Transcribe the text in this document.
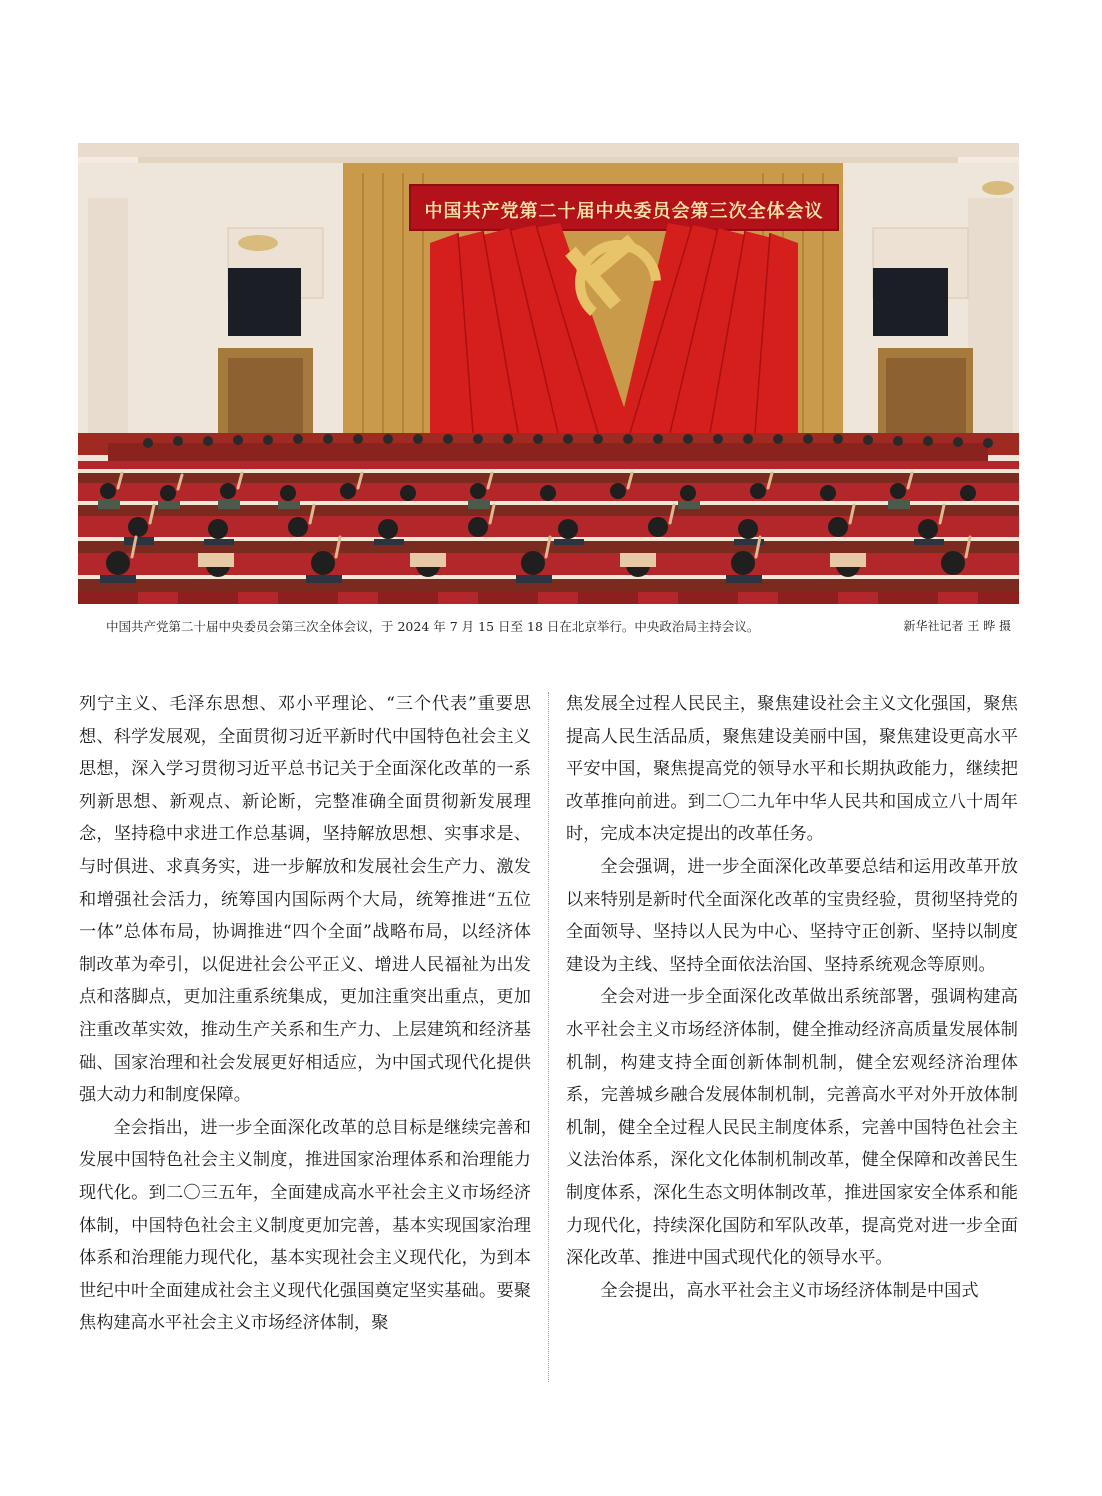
中国共产党第二十届中央委员会第三次全体会议
中国共产党第二十届中央委员会第三次全体会议，于 2024 年 7 月 15 日至 18 日在北京举行。中央政治局主持会议。	新华社记者 王 晔 摄

列宁主义、毛泽东思想、邓小平理论、“三个代表”重要思想、科学发展观，全面贯彻习近平新时代中国特色社会主义思想，深入学习贯彻习近平总书记关于全面深化改革的一系列新思想、新观点、新论断，完整准确全面贯彻新发展理念，坚持稳中求进工作总基调，坚持解放思想、实事求是、与时俱进、求真务实，进一步解放和发展社会生产力、激发和增强社会活力，统筹国内国际两个大局，统筹推进“五位一体”总体布局，协调推进“四个全面”战略布局，以经济体制改革为牵引，以促进社会公平正义、增进人民福祉为出发点和落脚点，更加注重系统集成，更加注重突出重点，更加注重改革实效，推动生产关系和生产力、上层建筑和经济基础、国家治理和社会发展更好相适应，为中国式现代化提供强大动力和制度保障。

全会指出，进一步全面深化改革的总目标是继续完善和发展中国特色社会主义制度，推进国家治理体系和治理能力现代化。到二〇三五年，全面建成高水平社会主义市场经济体制，中国特色社会主义制度更加完善，基本实现国家治理体系和治理能力现代化，基本实现社会主义现代化，为到本世纪中叶全面建成社会主义现代化强国奠定坚实基础。要聚焦构建高水平社会主义市场经济体制，聚

焦发展全过程人民民主，聚焦建设社会主义文化强国，聚焦提高人民生活品质，聚焦建设美丽中国，聚焦建设更高水平平安中国，聚焦提高党的领导水平和长期执政能力，继续把改革推向前进。到二〇二九年中华人民共和国成立八十周年时，完成本决定提出的改革任务。

全会强调，进一步全面深化改革要总结和运用改革开放以来特别是新时代全面深化改革的宝贵经验，贯彻坚持党的全面领导、坚持以人民为中心、坚持守正创新、坚持以制度建设为主线、坚持全面依法治国、坚持系统观念等原则。

全会对进一步全面深化改革做出系统部署，强调构建高水平社会主义市场经济体制，健全推动经济高质量发展体制机制，构建支持全面创新体制机制，健全宏观经济治理体系，完善城乡融合发展体制机制，完善高水平对外开放体制机制，健全全过程人民民主制度体系，完善中国特色社会主义法治体系，深化文化体制机制改革，健全保障和改善民生制度体系，深化生态文明体制改革，推进国家安全体系和能力现代化，持续深化国防和军队改革，提高党对进一步全面深化改革、推进中国式现代化的领导水平。

全会提出，高水平社会主义市场经济体制是中国式
